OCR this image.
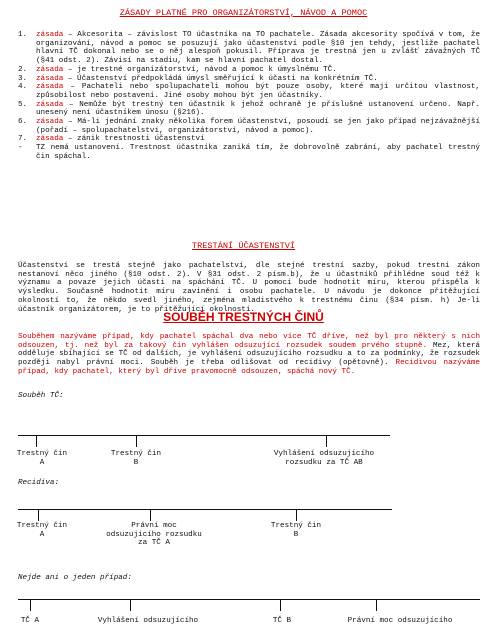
ZÁSADY PLATNÉ PRO ORGANIZÁTORSTVÍ, NÁVOD A POMOC
1. zásada – Akcesorita – závislost TO účastníka na TO pachatele. Zásada akcesority spočívá v tom, že organizování, návod a pomoc se posuzují jako účastenství podle §10 jen tehdy, jestliže pachatel hlavní TČ dokonal nebo se o něj alespoň pokusil. Příprava je trestná jen u zvlášť závažných TČ (§41 odst. 2). Závisí na stadiu, kam se hlavní pachatel dostal.
2. zásada – je trestné organizátorství, návod a pomoc k úmyslnému TČ.
3. zásada – Účastenství předpokládá úmysl směřující k účasti na konkrétním TČ.
4. zásada – Pachateli nebo spolupachateli mohou být pouze osoby, které mají určitou vlastnost, způsobilost nebo postavení. Jiné osoby mohou být jen účastníky.
5. zásada – Nemůže být trestný ten účastník k jehož ochraně je příslušné ustanovení určeno. Např. unesený není účastníkem únosu (§216).
6. zásada – Má-li jednání znaky několika forem účastenství, posoudí se jen jako případ nejzávažnější (pořadí – spolupachatelství, organizátorství, návod a pomoc).
7. zásada – zánik trestnosti účastenství
- TZ nemá ustanovení. Trestnost účastníka zaniká tím, že dobrovolně zabrání, aby pachatel trestný čin spáchal.
TRESTÁNÍ ÚČASTENSTVÍ
Účastenství se trestá stejně jako pachatelství, dle stejné trestní sazby, pokud trestní zákon nestanoví něco jiného (§10 odst. 2). V §31 odst. 2 písm.b), že u účastníků přihlédne soud též k významu a povaze jejich účasti na spáchání TČ. U pomoci bude hodnotit míru, kterou přispěla k výsledku. Současně hodnotit míru zavinění i osobu pachatele. U návodu je dokonce přitěžující okolností to, že někdo svedl jiného, zejména mladistvého k trestnému činu (§34 písm. h) Je-li účastník organizátorem, je to přitěžující okolností.
SOUBĚH TRESTNÝCH ČINŮ
Souběhem nazýváme případ, kdy pachatel spáchal dva nebo více TČ dříve, než byl pro některý s nich odsouzen, tj. než byl za takový čin vyhlášen odsuzující rozsudek soudem prvého stupně. Mez, která odděluje sbíhající se TČ od dalších, je vyhlášení odsuzujícího rozsudku a to za podmínky, že rozsudek později nabyl právní moci. Souběh je třeba odlišovat od recidivy (opětovně). Recidivou nazýváme případ, kdy pachatel, který byl dříve pravomocně odsouzen, spáchá nový TČ.
Souběh TČ:
Trestný čin
A
Trestný čin
B
Vyhlášení odsuzujícího
rozsudku za TČ AB
Recidiva:
Trestný čin
A
Právní moc
odsuzujícího rozsudku
za TČ A
Trestný čin
B
Nejde ani o jeden případ:
TČ A	Vyhlášení odsuzujícího	TČ B	Právní moc odsuzujícího
